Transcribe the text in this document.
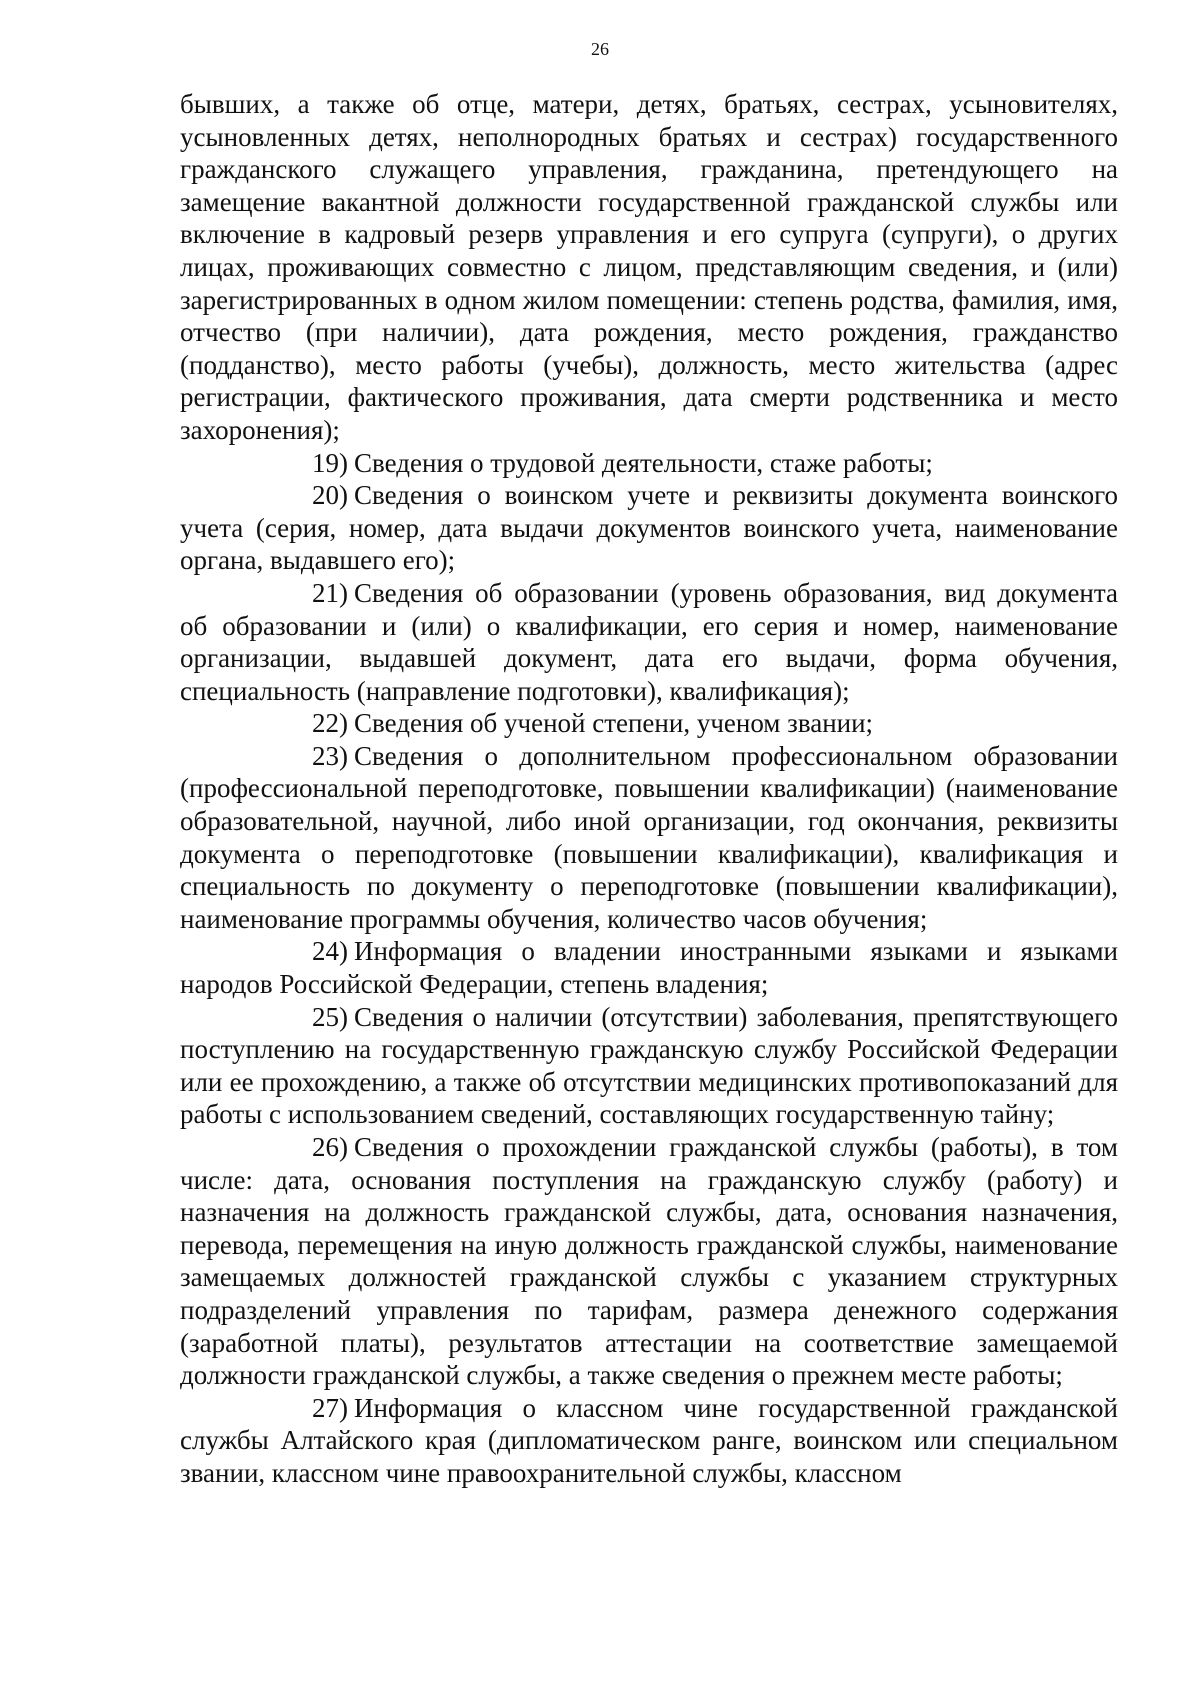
26

бывших, а также об отце, матери, детях, братьях, сестрах, усыновителях, усыновленных детях, неполнородных братьях и сестрах) государственного гражданского служащего управления, гражданина, претендующего на замещение вакантной должности государственной гражданской службы или включение в кадровый резерв управления и его супруга (супруги), о других лицах, проживающих совместно с лицом, представляющим сведения, и (или) зарегистрированных в одном жилом помещении: степень родства, фамилия, имя, отчество (при наличии), дата рождения, место рождения, гражданство (подданство), место работы (учебы), должность, место жительства (адрес регистрации, фактического проживания, дата смерти родственника и место захоронения);

19) Сведения о трудовой деятельности, стаже работы;

20) Сведения о воинском учете и реквизиты документа воинского учета (серия, номер, дата выдачи документов воинского учета, наименование органа, выдавшего его);

21) Сведения об образовании (уровень образования, вид документа об образовании и (или) о квалификации, его серия и номер, наименование организации, выдавшей документ, дата его выдачи, форма обучения, специальность (направление подготовки), квалификация);

22) Сведения об ученой степени, ученом звании;

23) Сведения о дополнительном профессиональном образовании (профессиональной переподготовке, повышении квалификации) (наименование образовательной, научной, либо иной организации, год окончания, реквизиты документа о переподготовке (повышении квалификации), квалификация и специальность по документу о переподготовке (повышении квалификации), наименование программы обучения, количество часов обучения;

24) Информация о владении иностранными языками и языками народов Российской Федерации, степень владения;

25) Сведения о наличии (отсутствии) заболевания, препятствующего поступлению на государственную гражданскую службу Российской Федерации или ее прохождению, а также об отсутствии медицинских противопоказаний для работы с использованием сведений, составляющих государственную тайну;

26) Сведения о прохождении гражданской службы (работы), в том числе: дата, основания поступления на гражданскую службу (работу) и назначения на должность гражданской службы, дата, основания назначения, перевода, перемещения на иную должность гражданской службы, наименование замещаемых должностей гражданской службы с указанием структурных подразделений управления по тарифам, размера денежного содержания (заработной платы), результатов аттестации на соответствие замещаемой должности гражданской службы, а также сведения о прежнем месте работы;

27) Информация о классном чине государственной гражданской службы Алтайского края (дипломатическом ранге, воинском или специальном звании, классном чине правоохранительной службы, классном
